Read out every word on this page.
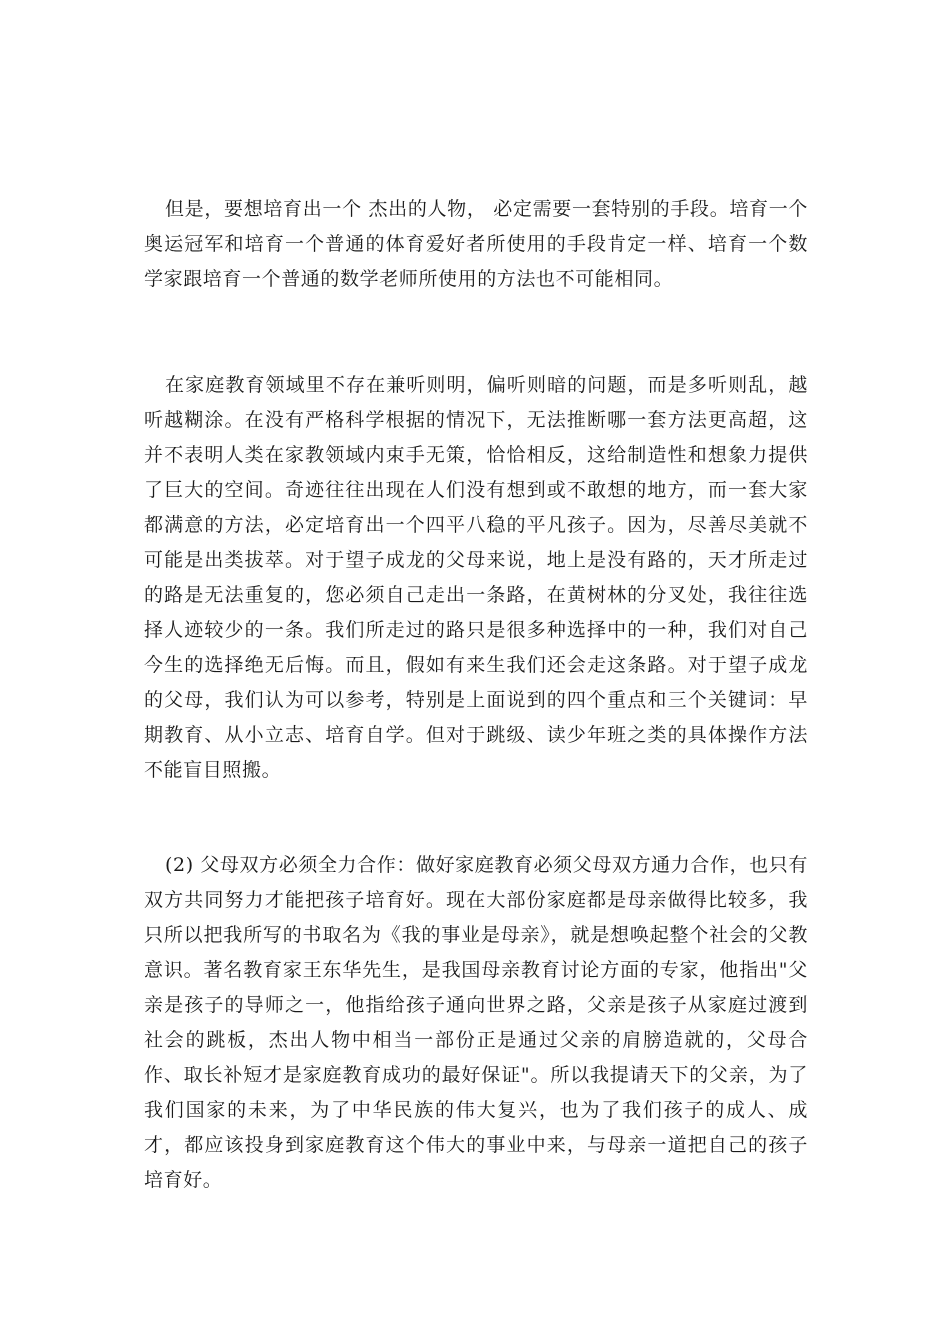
但是，要想培育出一个 杰出的人物， 必定需要一套特别的手段。培育一个奥运冠军和培育一个普通的体育爱好者所使用的手段肯定一样、培育一个数学家跟培育一个普通的数学老师所使用的方法也不可能相同。

在家庭教育领域里不存在兼听则明，偏听则暗的问题，而是多听则乱，越听越糊涂。在没有严格科学根据的情况下，无法推断哪一套方法更高超，这并不表明人类在家教领域内束手无策，恰恰相反，这给制造性和想象力提供了巨大的空间。奇迹往往出现在人们没有想到或不敢想的地方，而一套大家都满意的方法，必定培育出一个四平八稳的平凡孩子。因为，尽善尽美就不可能是出类拔萃。对于望子成龙的父母来说，地上是没有路的，天才所走过的路是无法重复的，您必须自己走出一条路，在黄树林的分叉处，我往往选择人迹较少的一条。我们所走过的路只是很多种选择中的一种，我们对自己今生的选择绝无后悔。而且，假如有来生我们还会走这条路。对于望子成龙的父母，我们认为可以参考，特别是上面说到的四个重点和三个关键词：早期教育、从小立志、培育自学。但对于跳级、读少年班之类的具体操作方法不能盲目照搬。

(2) 父母双方必须全力合作：做好家庭教育必须父母双方通力合作，也只有双方共同努力才能把孩子培育好。现在大部份家庭都是母亲做得比较多，我只所以把我所写的书取名为《我的事业是母亲》，就是想唤起整个社会的父教意识。著名教育家王东华先生，是我国母亲教育讨论方面的专家，他指出"父亲是孩子的导师之一，他指给孩子通向世界之路，父亲是孩子从家庭过渡到社会的跳板，杰出人物中相当一部份正是通过父亲的肩膀造就的，父母合作、取长补短才是家庭教育成功的最好保证"。所以我提请天下的父亲，为了我们国家的未来，为了中华民族的伟大复兴，也为了我们孩子的成人、成才，都应该投身到家庭教育这个伟大的事业中来，与母亲一道把自己的孩子培育好。
